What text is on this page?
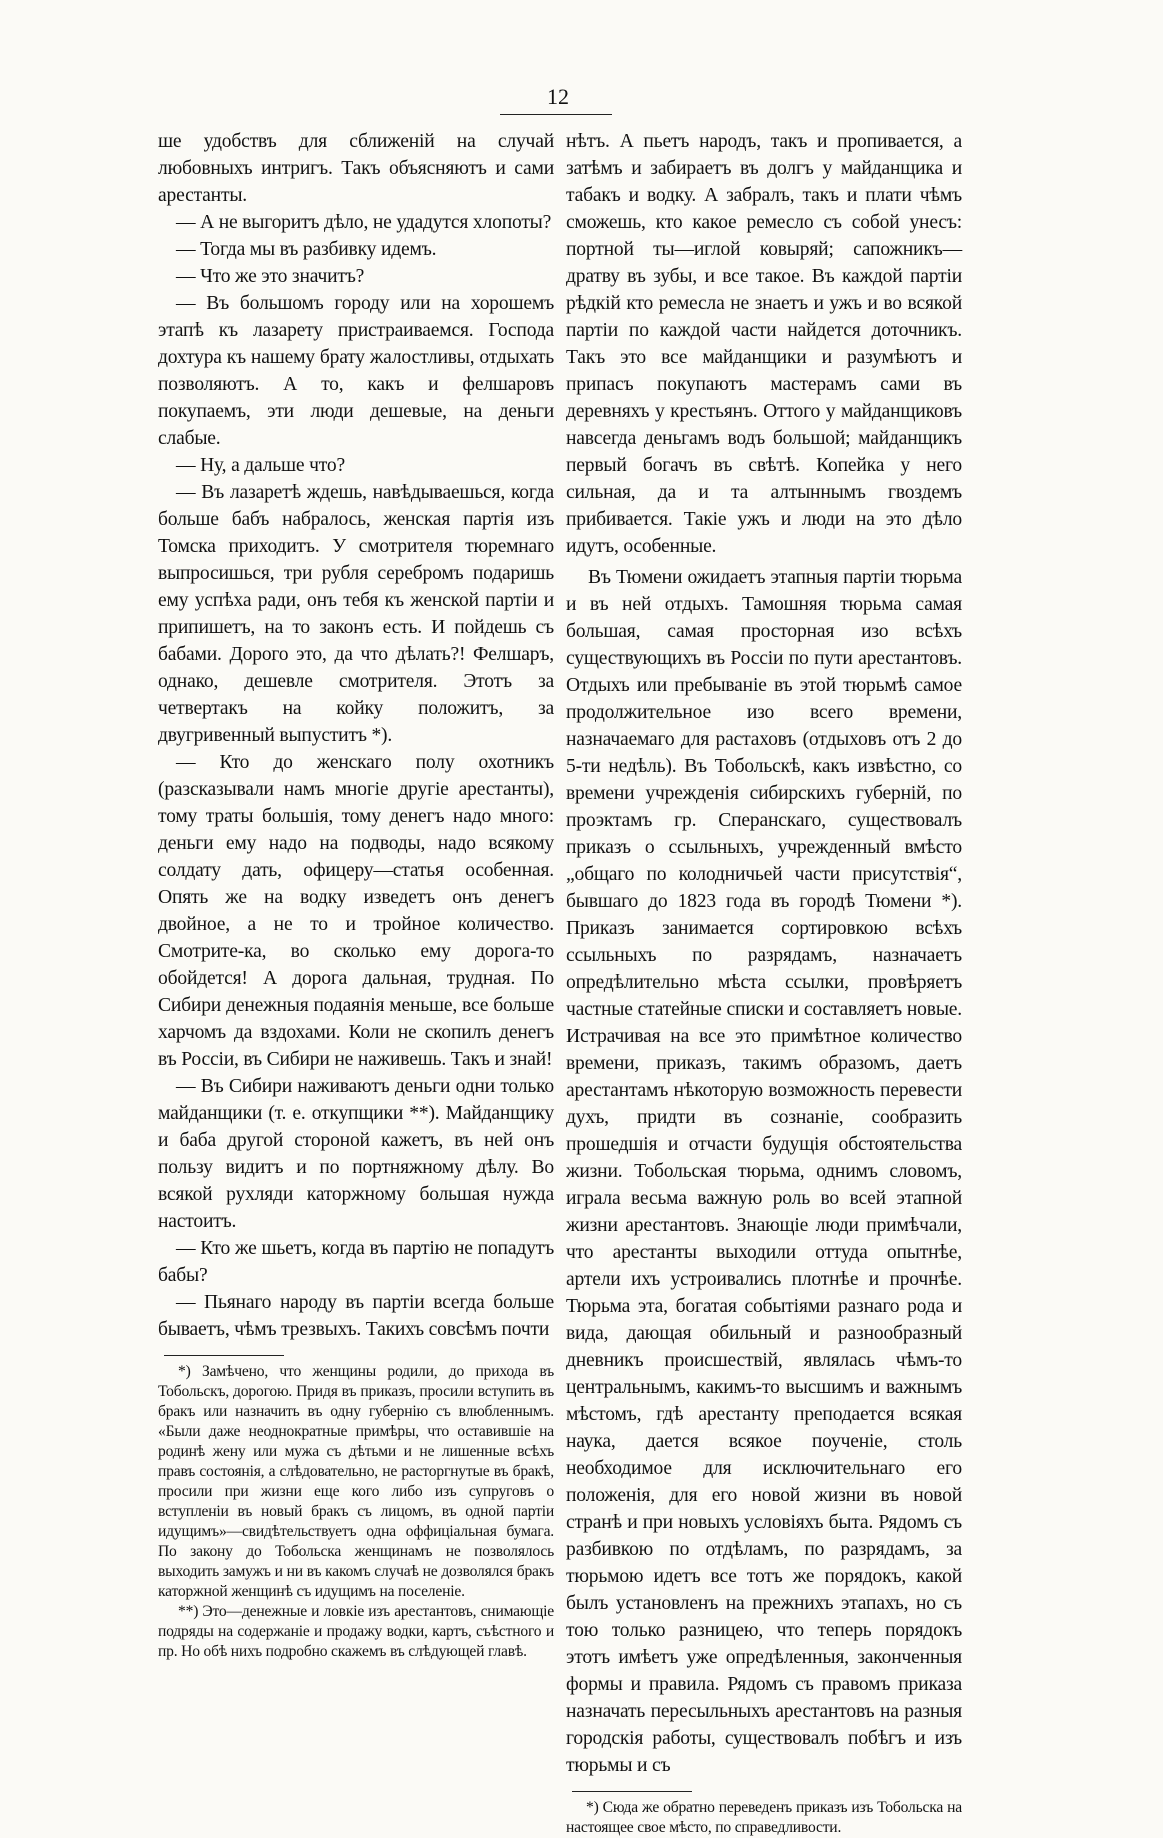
12

ше удобствъ для сближеній на случай любовныхъ интригъ. Такъ объясняютъ и сами арестанты.

— А не выгоритъ дѣло, не удадутся хлопоты?

— Тогда мы въ разбивку идемъ.

— Что же это значитъ?

— Въ большомъ городу или на хорошемъ этапѣ къ лазарету пристраиваемся. Господа дохтура къ нашему брату жалостливы, отдыхать позволяютъ. А то, какъ и фелшаровъ покупаемъ, эти люди дешевые, на деньги слабые.

— Ну, а дальше что?

— Въ лазаретѣ ждешь, навѣдываешься, когда больше бабъ набралось, женская партія изъ Томска приходитъ. У смотрителя тюремнаго выпросишься, три рубля серебромъ подаришь ему успѣха ради, онъ тебя къ женской партіи и припишетъ, на то законъ есть. И пойдешь съ бабами. Дорого это, да что дѣлать?! Фелшаръ, однако, дешевле смотрителя. Этотъ за четвертакъ на койку положитъ, за двугривенный выпуститъ *).

— Кто до женскаго полу охотникъ (разсказывали намъ многіе другіе арестанты), тому траты большія, тому денегъ надо много: деньги ему надо на подводы, надо всякому солдату дать, офицеру—статья особенная. Опять же на водку изведетъ онъ денегъ двойное, а не то и тройное количество. Смотрите-ка, во сколько ему дорога-то обойдется! А дорога дальная, трудная. По Сибири денежныя подаянія меньше, все больше харчомъ да вздохами. Коли не скопилъ денегъ въ Россіи, въ Сибири не наживешь. Такъ и знай!

— Въ Сибири наживаютъ деньги одни только майданщики (т. е. откупщики **). Майданщику и баба другой стороной кажетъ, въ ней онъ пользу видитъ и по портняжному дѣлу. Во всякой рухляди каторжному большая нужда настоитъ.

— Кто же шьетъ, когда въ партію не попадутъ бабы?

— Пьянаго народу въ партіи всегда больше бываетъ, чѣмъ трезвыхъ. Такихъ совсѣмъ почти

*) Замѣчено, что женщины родили, до прихода въ Тобольскъ, дорогою. Придя въ приказъ, просили вступить въ бракъ или назначить въ одну губернію съ влюбленнымъ. «Были даже неоднократные примѣры, что оставившіе на родинѣ жену или мужа съ дѣтьми и не лишенные всѣхъ правъ состоянія, а слѣдовательно, не расторгнутые въ бракѣ, просили при жизни еще кого либо изъ супруговъ о вступленіи въ новый бракъ съ лицомъ, въ одной партіи идущимъ»—свидѣтельствуетъ одна оффиціальная бумага. По закону до Тобольска женщинамъ не позволялось выходить замужъ и ни въ какомъ случаѣ не дозволялся бракъ каторжной женщинѣ съ идущимъ на поселеніе.

**) Это—денежные и ловкіе изъ арестантовъ, снимающіе подряды на содержаніе и продажу водки, картъ, съѣстного и пр. Но обѣ нихъ подробно скажемъ въ слѣдующей главѣ.

нѣтъ. А пьетъ народъ, такъ и пропивается, а затѣмъ и забираетъ въ долгъ у майданщика и табакъ и водку. А забралъ, такъ и плати чѣмъ сможешь, кто какое ремесло съ собой унесъ: портной ты—иглой ковыряй; сапожникъ—дратву въ зубы, и все такое. Въ каждой партіи рѣдкій кто ремесла не знаетъ и ужъ и во всякой партіи по каждой части найдется доточникъ. Такъ это все майданщики и разумѣютъ и припасъ покупаютъ мастерамъ сами въ деревняхъ у крестьянъ. Оттого у майданщиковъ навсегда деньгамъ водъ большой; майданщикъ первый богачъ въ свѣтѣ. Копейка у него сильная, да и та алтыннымъ гвоздемъ прибивается. Такіе ужъ и люди на это дѣло идутъ, особенные.

Въ Тюмени ожидаетъ этапныя партіи тюрьма и въ ней отдыхъ. Тамошняя тюрьма самая большая, самая просторная изо всѣхъ существующихъ въ Россіи по пути арестантовъ. Отдыхъ или пребываніе въ этой тюрьмѣ самое продолжительное изо всего времени, назначаемаго для растаховъ (отдыховъ отъ 2 до 5-ти недѣль). Въ Тобольскѣ, какъ извѣстно, со времени учрежденія сибирскихъ губерній, по проэктамъ гр. Сперанскаго, существовалъ приказъ о ссыльныхъ, учрежденный вмѣсто „общаго по колодничьей части присутствія“, бывшаго до 1823 года въ городѣ Тюмени *). Приказъ занимается сортировкою всѣхъ ссыльныхъ по разрядамъ, назначаетъ опредѣлительно мѣста ссылки, провѣряетъ частные статейные списки и составляетъ новые. Истрачивая на все это примѣтное количество времени, приказъ, такимъ образомъ, даетъ арестантамъ нѣкоторую возможность перевести духъ, придти въ сознаніе, сообразить прошедшія и отчасти будущія обстоятельства жизни. Тобольская тюрьма, однимъ словомъ, играла весьма важную роль во всей этапной жизни арестантовъ. Знающіе люди примѣчали, что арестанты выходили оттуда опытнѣе, артели ихъ устроивались плотнѣе и прочнѣе. Тюрьма эта, богатая событіями разнаго рода и вида, дающая обильный и разнообразный дневникъ происшествій, являлась чѣмъ-то центральнымъ, какимъ-то высшимъ и важнымъ мѣстомъ, гдѣ арестанту преподается всякая наука, дается всякое поученіе, столь необходимое для исключительнаго его положенія, для его новой жизни въ новой странѣ и при новыхъ условіяхъ быта. Рядомъ съ разбивкою по отдѣламъ, по разрядамъ, за тюрьмою идетъ все тотъ же порядокъ, какой былъ установленъ на прежнихъ этапахъ, но съ тою только разницею, что теперь порядокъ этотъ имѣетъ уже опредѣленныя, законченныя формы и правила. Рядомъ съ правомъ приказа назначать пересыльныхъ арестантовъ на разныя городскія работы, существовалъ побѣгъ и изъ тюрьмы и съ

*) Сюда же обратно переведенъ приказъ изъ Тобольска на настоящее свое мѣсто, по справедливости.
